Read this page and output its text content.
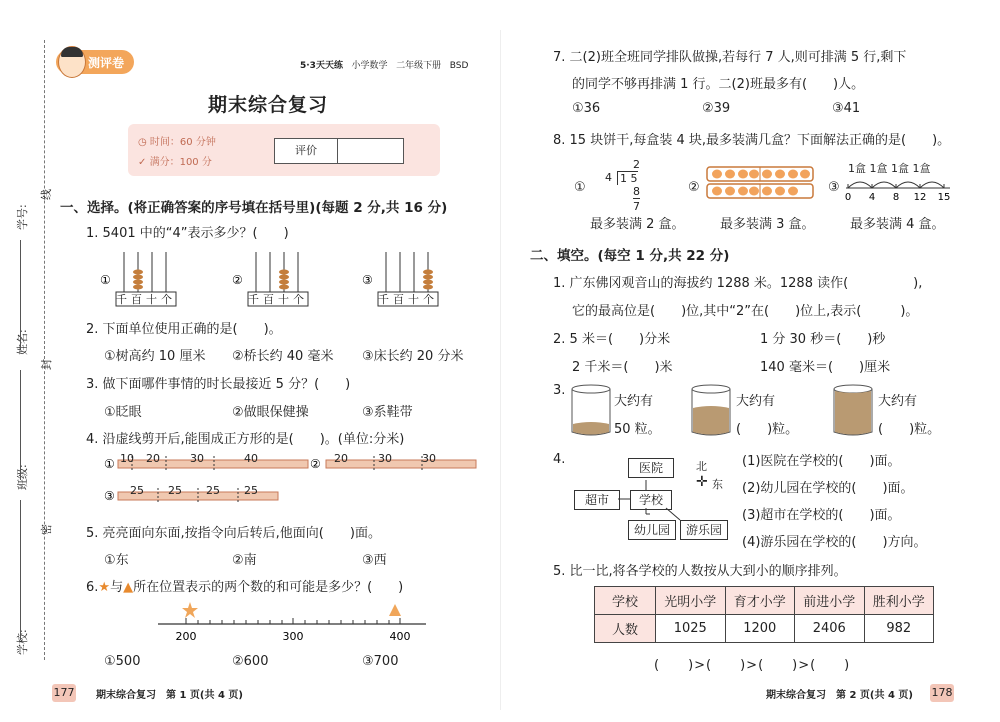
学校:
班级:
姓名:
学号:
线
封
密
测评卷	5·3天天练 小学数学 二年级下册 BSD
期末综合复习
◷ 时间：60 分钟
✓ 满分：100 分
评价
一、选择。(将正确答案的序号填在括号里)(每题 2 分,共 16 分)
1. 5401 中的“4”表示多少？(　　)
①	②	③
千百十个	千百十个	千百十个
2. 下面单位使用正确的是(　　)。
①树高约 10 厘米 ②桥长约 40 毫米 ③床长约 20 分米
3. 做下面哪件事情的时长最接近 5 分？(　　)
①眨眼	②做眼保健操	③系鞋带
4. 沿虚线剪开后,能围成正方形的是(　　)。(单位:分米)
①	②
③
10 20	30	40	20	30	30
25 25 25 25
5. 亮亮面向东面,按指令向后转后,他面向(　　)面。
①东	②南	③西
6.★与▲所在位置表示的两个数的和可能是多少？(　　)
200	300	400
①500	②600	③700
177 期末综合复习　第 1 页(共 4 页)
7. 二(2)班全班同学排队做操,若每行 7 人,则可排满 5 行,剩下
的同学不够再排满 1 行。二(2)班最多有(　　)人。
①36	②39	③41
8. 15 块饼干,每盒装 4 块,最多装满几盒？下面解法正确的是(　　)。
①
2
4 1 5
8
7
②	③
1盒 1盒 1盒 1盒
0 4 8 12 15
最多装满 2 盒。	最多装满 3 盒。	最多装满 4 盒。
二、填空。(每空 1 分,共 22 分)
1. 广东佛冈观音山的海拔约 1288 米。1288 读作(　　　　　),
它的最高位是(　　)位,其中“2”在(　　)位上,表示(　　　)。
2. 5 米＝(　　)分米	1 分 30 秒＝(　　)秒
2 千米＝(　　)米	140 毫米＝(　　)厘米
3.
大约有
50 粒。
大约有
(　　)粒。
大约有
(　　)粒。
4.
医院
学校
超市
幼儿园	游乐园
北
✛ 东
(1)医院在学校的(　　)面。
(2)幼儿园在学校的(　　)面。
(3)超市在学校的(　　)面。
(4)游乐园在学校的(　　)方向。
5. 比一比,将各学校的人数按从大到小的顺序排列。
学校	光明小学	育才小学	前进小学	胜利小学
人数	1025	1200	2406	982
(　　)>(　　)>(　　)>(　　)
期末综合复习　第 2 页(共 4 页) 178
